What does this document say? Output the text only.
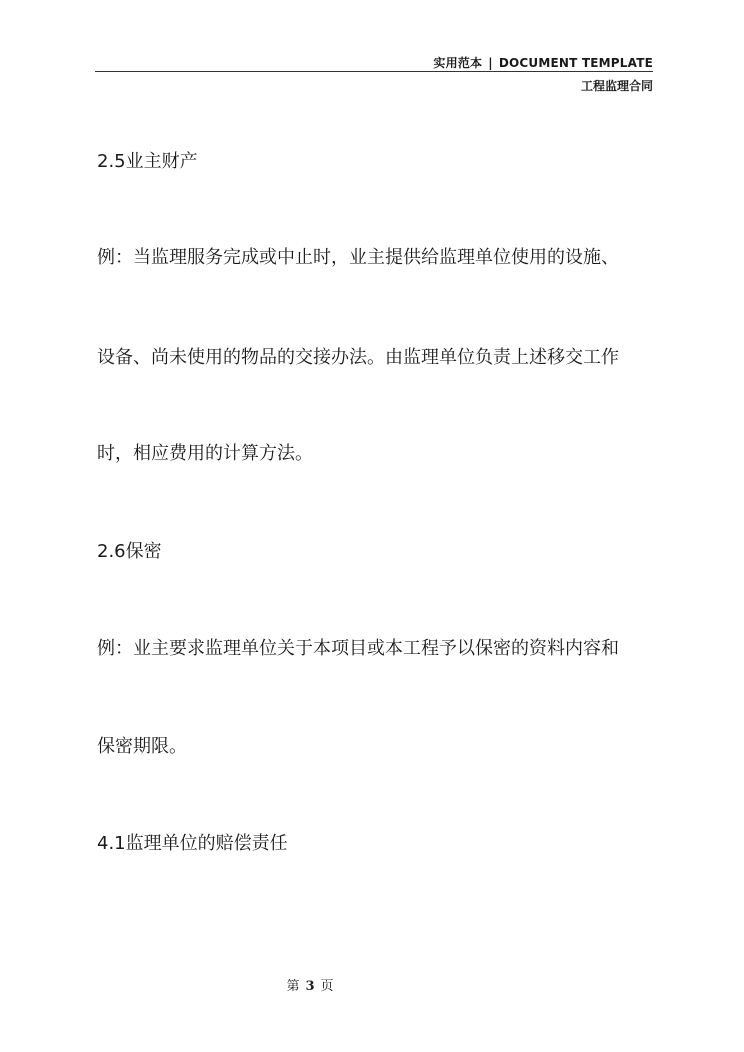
实用范本 | DOCUMENT TEMPLATE
工程监理合同
2.5业主财产
例：当监理服务完成或中止时，业主提供给监理单位使用的设施、
设备、尚未使用的物品的交接办法。由监理单位负责上述移交工作
时，相应费用的计算方法。
2.6保密
例：业主要求监理单位关于本项目或本工程予以保密的资料内容和
保密期限。
4.1监理单位的赔偿责任
第 3 页
